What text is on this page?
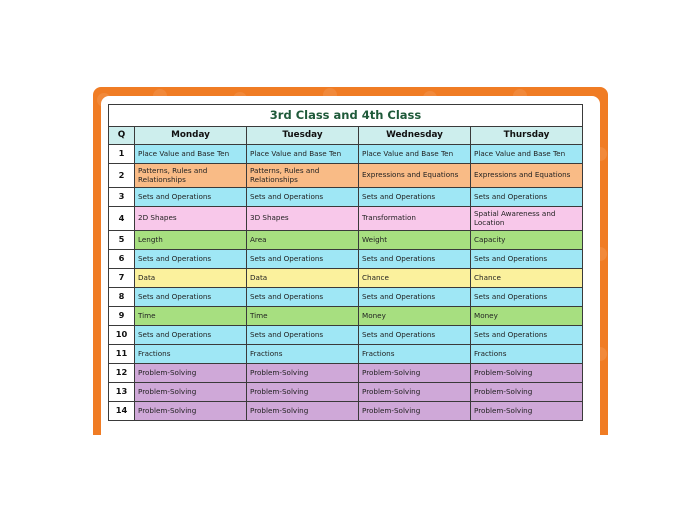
3rd Class and 4th Class				
Q	Monday	Tuesday	Wednesday	Thursday
1	Place Value and Base Ten	Place Value and Base Ten	Place Value and Base Ten	Place Value and Base Ten
2	Patterns, Rules and Relationships	Patterns, Rules and Relationships	Expressions and Equations	Expressions and Equations
3	Sets and Operations	Sets and Operations	Sets and Operations	Sets and Operations
4	2D Shapes	3D Shapes	Transformation	Spatial Awareness and Location
5	Length	Area	Weight	Capacity
6	Sets and Operations	Sets and Operations	Sets and Operations	Sets and Operations
7	Data	Data	Chance	Chance
8	Sets and Operations	Sets and Operations	Sets and Operations	Sets and Operations
9	Time	Time	Money	Money
10	Sets and Operations	Sets and Operations	Sets and Operations	Sets and Operations
11	Fractions	Fractions	Fractions	Fractions
12	Problem-Solving	Problem-Solving	Problem-Solving	Problem-Solving
13	Problem-Solving	Problem-Solving	Problem-Solving	Problem-Solving
14	Problem-Solving	Problem-Solving	Problem-Solving	Problem-Solving
